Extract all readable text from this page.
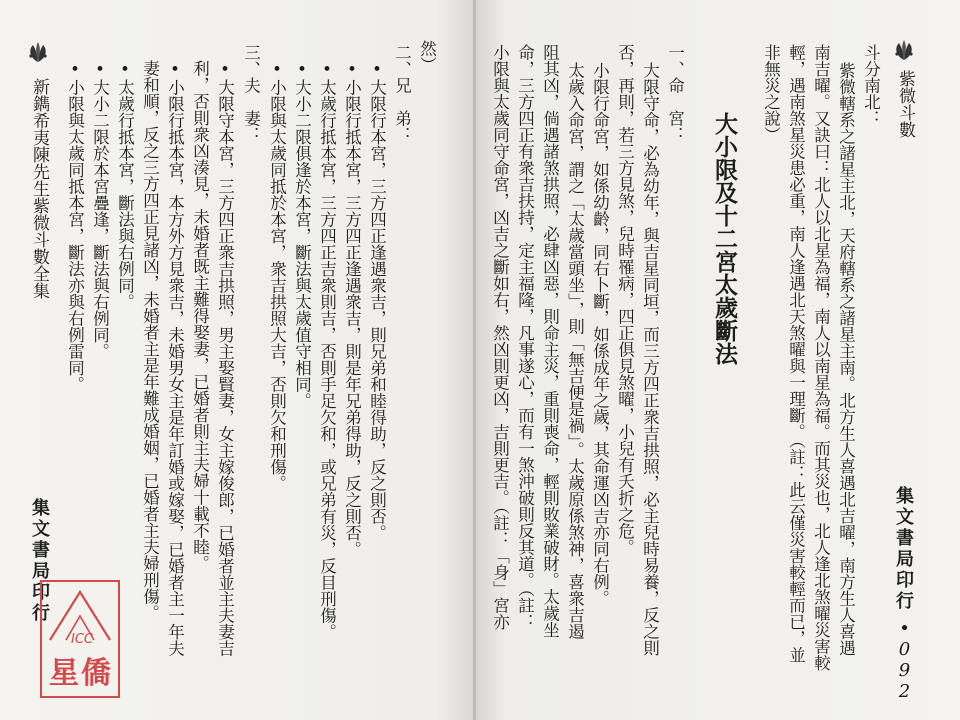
新鐫希夷陳先生紫微斗數全集
然）
二、兄　弟：
•大限行本宮，三方四正逢遇衆吉，則兄弟和睦得助，反之則否。
•小限行抵本宮，三方四正逢遇衆吉，則是年兄弟得助，反之則否。
•太歲行抵本宮，三方四正吉衆則吉，否則手足欠和，或兄弟有災，反目刑傷。
•大小二限俱逢於本宮，斷法與太歲值守相同。
•小限與太歲同抵於本宮，衆吉拱照大吉，否則欠和刑傷。
三、夫　妻：
•大限守本宮，三方四正衆吉拱照，男主娶賢妻，女主嫁俊郎，已婚者並主夫妻吉
利，否則衆凶湊見，未婚者既主難得娶妻，已婚者則主夫婦十載不睦。
•小限行抵本宮，本方外方見衆吉，未婚男女主是年訂婚或嫁娶，已婚者主一年夫
妻和順，反之三方四正見諸凶，未婚者主是年難成婚姻，已婚者主夫婦刑傷。
•太歲行抵本宮，斷法與右例同。
•大小二限於本宮疊逢，斷法與右例同。
•小限與太歲同抵本宮，斷法亦與右例雷同。
集文書局印行
ICC
星僑
紫微斗數
斗分南北：
紫微轄系之諸星主北，天府轄系之諸星主南。北方生人喜遇北吉曜，南方生人喜遇
南吉曜。又訣曰：北人以北星為福，南人以南星為福。而其災也，北人逢北煞曜災害較
輕，遇南煞星災患必重，南人逢遇北天煞曜與一理斷。（註：此云僅災害較輕而已，並
非無災之說）
大小限及十二宮太歲斷法
一、命　宮：
大限守命，必為幼年，與吉星同垣，而三方四正衆吉拱照，必主兒時易養，反之則
否，再則，若三方見煞，兒時罹病，四正俱見煞曜，小兒有夭折之危。
小限行命宮，如係幼齡，同右卜斷，如係成年之歲，其命運凶吉亦同右例。
太歲入命宮，謂之「太歲當頭坐」，則「無吉便是禍」。太歲原係煞神，喜衆吉遏
阻其凶，倘遇諸煞拱照，必肆凶惡，則命主災，重則喪命，輕則敗業破財。太歲坐
命，三方四正有衆吉扶持，定主福隆，凡事遂心，而有一煞沖破則反其道。（註：
小限與太歲同守命宮，凶吉之斷如右，然凶則更凶，吉則更吉。（註：「身」宮亦	集文書局印行
•092
